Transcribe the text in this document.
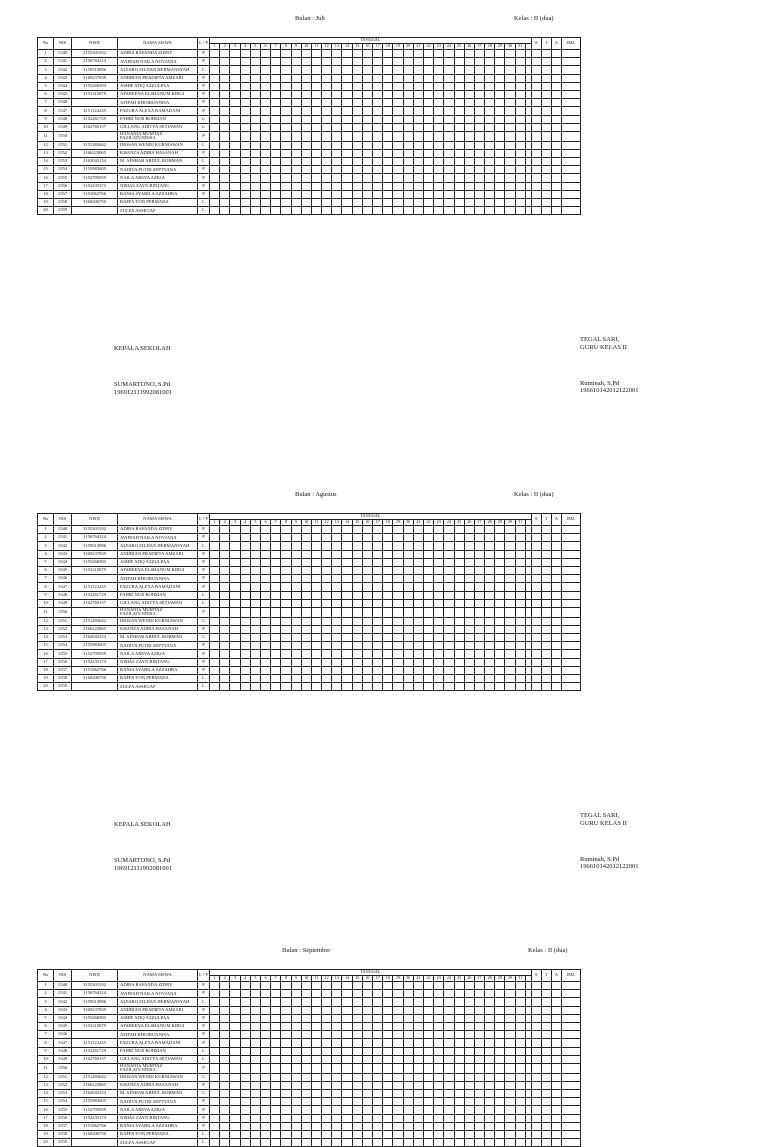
Bulan : Juli	Kelas : II (dua)
No	NIS	NISN	NAMA SISWA	L / P	TANGGAL																																S	I	A	JML
					1	2	3	4	5	6	7	8	9	10	11	12	13	14	15	16	17	18	19	20	21	22	23	24	25	26	27	28	29	30	31					
1	1540	3155301932	ADIBA RAFANDA ZIDNY	P																																				
2	1541	3156764314	AVIFFAH NAILA NOVIANA	P																																				
3	1542	3159513996	ALFARO ZILDAN HERMANSYAH	L																																				
4	1543	3169237839	ANDRIAN PRADIPTA AMZARI	P																																				
5	1544	3155268393	ASHIF ATIQ AZZULFAA	P																																				
6	1545	3153315879	AFSHEENA ELSHANUM KIRGI	P																																				
7	1546		AFIFAH KHOIRUNNISA	P																																				
8	1547	3151122235	FAZURA ALEXA RAMADANI	P																																				
9	1548	3152261729	FAHRI NUR ROHMAN	L																																				
10	1549	3162769157	GILLANG ADITYA SETIAWAN	L																																				
11	1550		HANANIA MUMTAZ FAZILATUNNISA	P																																				
12	1551	3151283642	IHOSAN WENDI KURNIAWAN	L																																				
13	1552	3166223065	KHANZA ADIBA HASANAH	P																																				
14	1553	3162043154	M. AFSHAR ABDUL ROHMAN	L																																				
15	1554	3155983605	NADIVA PUTRI SEPTYANA	P																																				
16	1555	3152795959	NAILA ARSYA AZKIA	P																																				
17	1556	3152235373	NIMAS ZAYN BINTANG	P																																				
18	1557	3151062766	RANIA SYABILA AZZAHRA	P																																				
19	1558	3169206750	RAFFA YON PERMADA	L																																				
20	1559		ZULFA ASSEGAF	L																																				
KEPALA SEKOLAH
SUMARTONO, S.Pd
196912111992081001
TEGAL SARI,
GURU KELAS II
Ruminah, S.Pd
196610142012122001
Bulan : Agustus	Kelas : II (dua)
No	NIS	NISN	NAMA SISWA	L / P	TANGGAL																																S	I	A	JML
					1	2	3	4	5	6	7	8	9	10	11	12	13	14	15	16	17	18	19	20	21	22	23	24	25	26	27	28	29	30	31					
1	1540	3155301932	ADIBA RAFANDA ZIDNY	P																																				
2	1541	3156764314	AVIFFAH NAILA NOVIANA	P																																				
3	1542	3159513996	ALFARO ZILDAN HERMANSYAH	L																																				
4	1543	3169237839	ANDRIAN PRADIPTA AMZARI	P																																				
5	1544	3155268393	ASHIF ATIQ AZZULFAA	P																																				
6	1545	3153315879	AFSHEENA ELSHANUM KIRGI	P																																				
7	1546		AFIFAH KHOIRUNNISA	P																																				
8	1547	3151122235	FAZURA ALEXA RAMADANI	P																																				
9	1548	3152261729	FAHRI NUR ROHMAN	L																																				
10	1549	3162769157	GILLANG ADITYA SETIAWAN	L																																				
11	1550		HANANIA MUMTAZ FAZILATUNNISA	P																																				
12	1551	3151283642	IHOSAN WENDI KURNIAWAN	L																																				
13	1552	3166223065	KHANZA ADIBA HASANAH	P																																				
14	1553	3162043154	M. AFSHAR ABDUL ROHMAN	L																																				
15	1554	3155983605	NADIVA PUTRI SEPTYANA	P																																				
16	1555	3152795959	NAILA ARSYA AZKIA	P																																				
17	1556	3152235373	NIMAS ZAYN BINTANG	P																																				
18	1557	3151062766	RANIA SYABILA AZZAHRA	P																																				
19	1558	3169206750	RAFFA YON PERMADA	L																																				
20	1559		ZULFA ASSEGAF	L																																				
KEPALA SEKOLAH
SUMARTONO, S.Pd
196912111992081001
TEGAL SARI,
GURU KELAS II
Ruminah, S.Pd
196610142012122001
Bulan : September	Kelas : II (dua)
No	NIS	NISN	NAMA SISWA	L / P	TANGGAL																																S	I	A	JML
					1	2	3	4	5	6	7	8	9	10	11	12	13	14	15	16	17	18	19	20	21	22	23	24	25	26	27	28	29	30	31					
1	1540	3155301932	ADIBA RAFANDA ZIDNY	P																																				
2	1541	3156764314	AVIFFAH NAILA NOVIANA	P																																				
3	1542	3159513996	ALFARO ZILDAN HERMANSYAH	L																																				
4	1543	3169237839	ANDRIAN PRADIPTA AMZARI	P																																				
5	1544	3155268393	ASHIF ATIQ AZZULFAA	P																																				
6	1545	3153315879	AFSHEENA ELSHANUM KIRGI	P																																				
7	1546		AFIFAH KHOIRUNNISA	P																																				
8	1547	3151122235	FAZURA ALEXA RAMADANI	P																																				
9	1548	3152261729	FAHRI NUR ROHMAN	L																																				
10	1549	3162769157	GILLANG ADITYA SETIAWAN	L																																				
11	1550		HANANIA MUMTAZ FAZILATUNNISA	P																																				
12	1551	3151283642	IHOSAN WENDI KURNIAWAN	L																																				
13	1552	3166223065	KHANZA ADIBA HASANAH	P																																				
14	1553	3162043154	M. AFSHAR ABDUL ROHMAN	L																																				
15	1554	3155983605	NADIVA PUTRI SEPTYANA	P																																				
16	1555	3152795959	NAILA ARSYA AZKIA	P																																				
17	1556	3152235373	NIMAS ZAYN BINTANG	P																																				
18	1557	3151062766	RANIA SYABILA AZZAHRA	P																																				
19	1558	3169206750	RAFFA YON PERMADA	L																																				
20	1559		ZULFA ASSEGAF	L																																				
